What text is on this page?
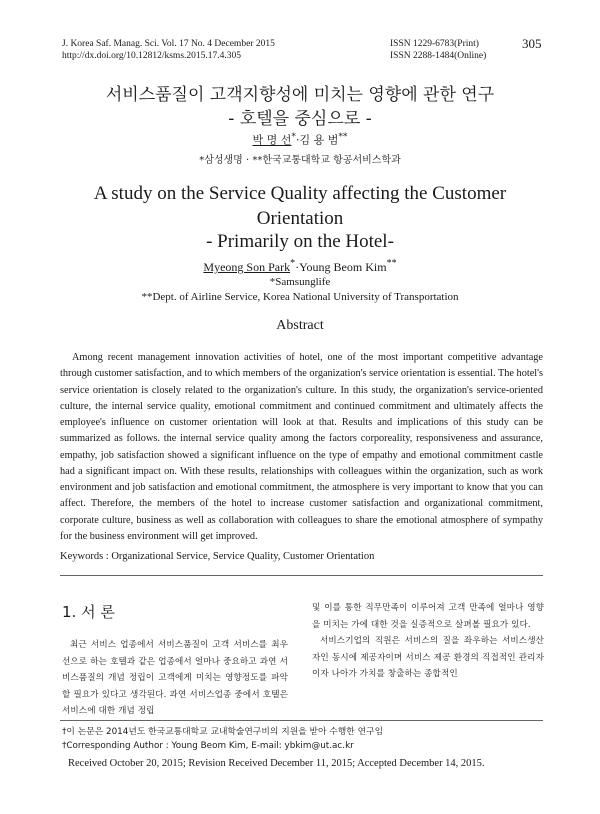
J. Korea Saf. Manag. Sci. Vol. 17 No. 4 December 2015
http://dx.doi.org/10.12812/ksms.2015.17.4.305
ISSN 1229-6783(Print)
ISSN 2288-1484(Online)
305
서비스품질이 고객지향성에 미치는 영향에 관한 연구
- 호텔을 중심으로 -
박 명 선*·김 용 범**
*삼성생명 · **한국교통대학교 항공서비스학과
A study on the Service Quality affecting the Customer
Orientation
- Primarily on the Hotel-
Myeong Son Park*·Young Beom Kim**
*Samsunglife
**Dept. of Airline Service, Korea National University of Transportation
Abstract
Among recent management innovation activities of hotel, one of the most important competitive advantage through customer satisfaction, and to which members of the organization's service orientation is essential. The hotel's service orientation is closely related to the organization's culture. In this study, the organization's service-oriented culture, the internal service quality, emotional commitment and continued commitment and ultimately affects the employee's influence on customer orientation will look at that. Results and implications of this study can be summarized as follows. the internal service quality among the factors corporeality, responsiveness and assurance, empathy, job satisfaction showed a significant influence on the type of empathy and emotional commitment castle had a significant impact on. With these results, relationships with colleagues within the organization, such as work environment and job satisfaction and emotional commitment, the atmosphere is very important to know that you can affect. Therefore, the members of the hotel to increase customer satisfaction and organizational commitment, corporate culture, business as well as collaboration with colleagues to share the emotional atmosphere of sympathy for the business environment will get improved.
Keywords : Organizational Service, Service Quality, Customer Orientation
1. 서 론
최근 서비스 업종에서 서비스품질이 고객 서비스를 최우선으로 하는 호텔과 같은 업종에서 얼마나 중요하고 과연 서비스품질의 개념 정립이 고객에게 미치는 영향정도를 파악할 필요가 있다고 생각된다. 과연 서비스업종 중에서 호텔은 서비스에 대한 개념 정립

및 이를 통한 직무만족이 이루어져 고객 만족에 얼마나 영향을 미치는 가에 대한 것을 실증적으로 살펴볼 필요가 있다.

서비스기업의 직원은 서비스의 질을 좌우하는 서비스생산자인 동시에 제공자이며 서비스 제공 환경의 직접적인 관리자이자 나아가 가치를 창출하는 종합적인

†이 논문은 2014년도 한국교통대학교 교내학술연구비의 지원을 받아 수행한 연구임
†Corresponding Author : Young Beom Kim, E-mail: ybkim@ut.ac.kr
Received October 20, 2015; Revision Received December 11, 2015; Accepted December 14, 2015.
